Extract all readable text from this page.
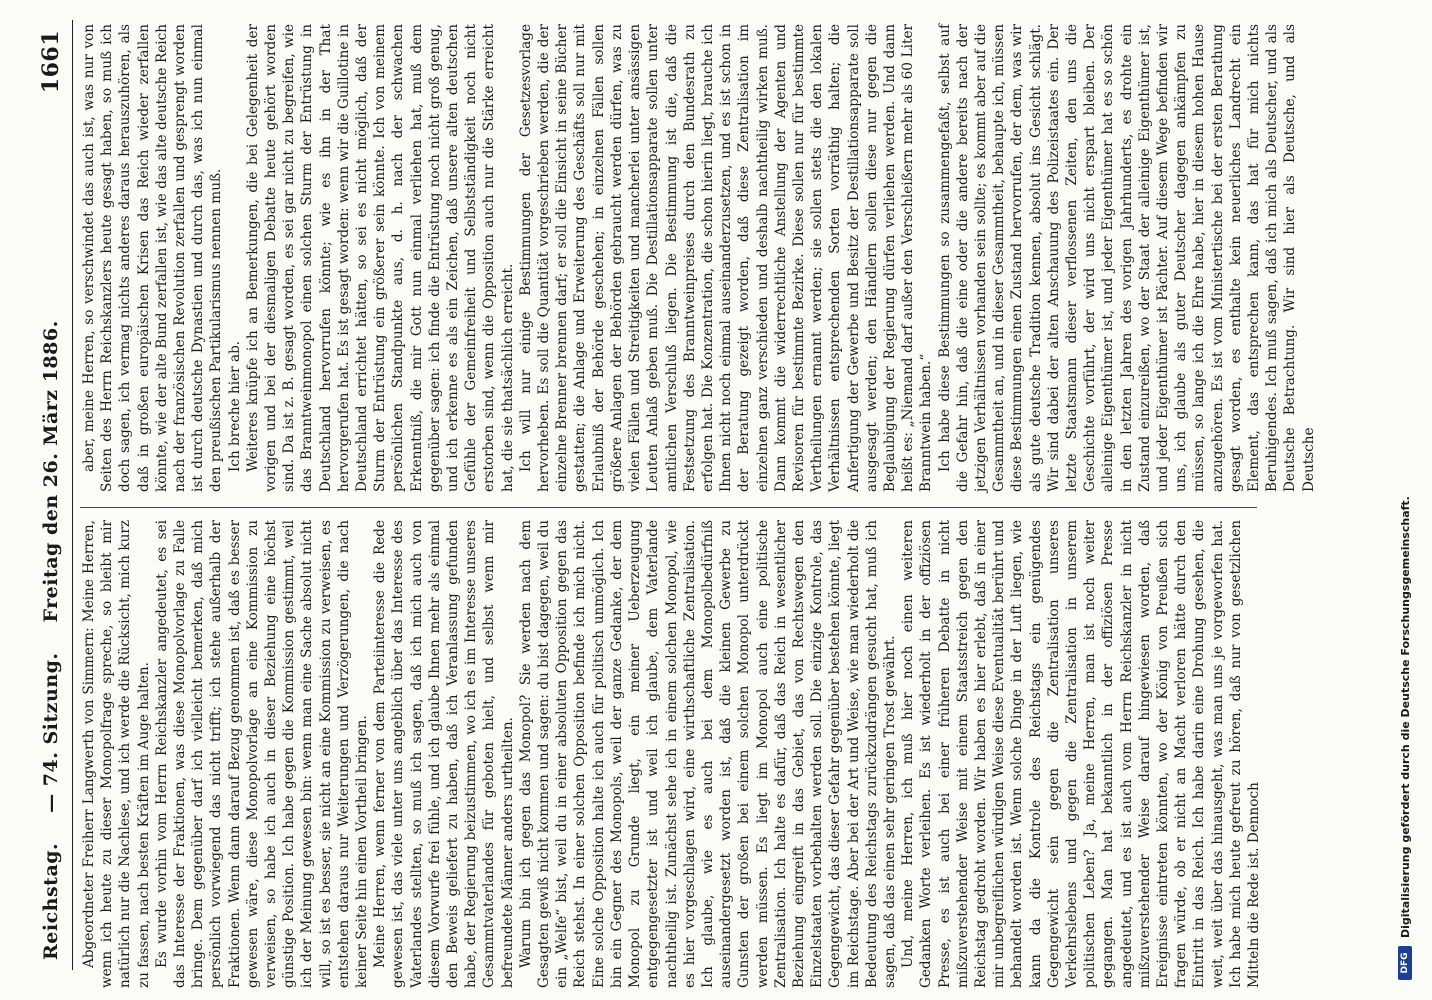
Reichstag.
— 74. Sitzung.
Freitag den 26. März 1886.
1661

Abgeordneter Freiherr Langwerth von Simmern: Meine Herren, wenn ich heute zu dieser Monopolfrage spreche, so bleibt mir natürlich nur die Nachlese, und ich werde die Rücksicht, mich kurz zu fassen, nach besten Kräften im Auge halten. Es wurde vorhin vom Herrn Reichskanzler angedeutet, es sei das Interesse der Fraktionen, was diese Monopolvorlage zu Falle bringe. Dem gegenüber darf ich vielleicht bemerken, daß mich persönlich vorwiegend das nicht trifft; ich stehe außerhalb der Fraktionen. Wenn dann darauf Bezug genommen ist, daß es besser gewesen wäre, diese Monopolvorlage an eine Kommission zu verweisen, so habe ich auch in dieser Beziehung eine höchst günstige Position. Ich habe gegen die Kommission gestimmt, weil ich der Meinung gewesen bin: wenn man eine Sache absolut nicht will, so ist es besser, sie nicht an eine Kommission zu verweisen, es entstehen daraus nur Weiterungen und Verzögerungen, die nach keiner Seite hin einen Vortheil bringen. Meine Herren, wenn ferner von dem Parteiinteresse die Rede gewesen ist, das viele unter uns angeblich über das Interesse des Vaterlandes stellten, so muß ich sagen, daß ich mich auch von diesem Vorwurfe frei fühle, und ich glaube Ihnen mehr als einmal den Beweis geliefert zu haben, daß ich Veranlassung gefunden habe, der Regierung beizustimmen, wo ich es im Interesse unseres Gesammtvaterlandes für geboten hielt, und selbst wenn mir befreundete Männer anders urtheilten. Warum bin ich gegen das Monopol? Sie werden nach dem Gesagten gewiß nicht kommen und sagen: du bist dagegen, weil du ein „Welfe“ bist, weil du in einer absoluten Opposition gegen das Reich stehst. In einer solchen Opposition befinde ich mich nicht. Eine solche Opposition halte ich auch für politisch unmöglich. Ich bin ein Gegner des Monopols, weil der ganze Gedanke, der dem Monopol zu Grunde liegt, ein meiner Ueberzeugung entgegengesetzter ist und weil ich glaube, dem Vaterlande nachtheilig ist. Zunächst sehe ich in einem solchen Monopol, wie es hier vorgeschlagen wird, eine wirthschaftliche Zentralisation. Ich glaube, wie es auch bei dem Monopolbedürfniß auseinandergesetzt worden ist, daß die kleinen Gewerbe zu Gunsten der großen bei einem solchen Monopol unterdrückt werden müssen. Es liegt im Monopol auch eine politische Zentralisation. Ich halte es dafür, daß das Reich in wesentlicher Beziehung eingreift in das Gebiet, das von Rechtswegen den Einzelstaaten vorbehalten werden soll. Die einzige Kontrole, das Gegengewicht, das dieser Gefahr gegenüber bestehen könnte, liegt im Reichstage. Aber bei der Art und Weise, wie man wiederholt die Bedeutung des Reichstags zurückzudrängen gesucht hat, muß ich sagen, daß das einen sehr geringen Trost gewährt. Und, meine Herren, ich muß hier noch einen weiteren Gedanken Worte verleihen. Es ist wiederholt in der offiziösen Presse, es ist auch bei einer früheren Debatte in nicht mißzuverstehender Weise mit einem Staatsstreich gegen den Reichstag gedroht worden. Wir haben es hier erlebt, daß in einer mir unbegreiflichen würdigen Weise diese Eventualität berührt und behandelt worden ist. Wenn solche Dinge in der Luft liegen, wie kann da die Kontrole des Reichstags ein genügendes Gegengewicht sein gegen die Zentralisation unseres Verkehrslebens und gegen die Zentralisation in unserem politischen Leben? Ja, meine Herren, man ist noch weiter gegangen. Man hat bekanntlich in der offiziösen Presse angedeutet, und es ist auch vom Herrn Reichskanzler in nicht mißzuverstehender Weise darauf hingewiesen worden, daß Ereignisse eintreten könnten, wo der König von Preußen sich fragen würde, ob er nicht an Macht verloren hätte durch den Eintritt in das Reich. Ich habe darin eine Drohung gesehen, die weit, weit über das hinausgeht, was man uns je vorgeworfen hat. Ich habe mich heute gefreut zu hören, daß nur von gesetzlichen Mitteln die Rede ist. Dennoch

aber, meine Herren, so verschwindet das auch ist, was nur von Seiten des Herrn Reichskanzlers heute gesagt haben, so muß ich doch sagen, ich vermag nichts anderes daraus herauszuhören, als daß in großen europäischen Krisen das Reich wieder zerfallen könnte, wie der alte Bund zerfallen ist, wie das alte deutsche Reich nach der französischen Revolution zerfallen und gesprengt worden ist durch deutsche Dynastien und durch das, was ich nun einmal den preußischen Partikularismus nennen muß. Ich breche hier ab. Weiteres knüpfe ich an Bemerkungen, die bei Gelegenheit der vorigen und bei der diesmaligen Debatte heute gehört worden sind. Da ist z. B. gesagt worden, es sei gar nicht zu begreifen, wie das Branntweinmonopol einen solchen Sturm der Entrüstung in Deutschland hervorrufen könnte; wie es ihn in der That hervorgerufen hat. Es ist gesagt worden: wenn wir die Guillotine in Deutschland errichtet hätten, so sei es nicht möglich, daß der Sturm der Entrüstung ein größerer sein könnte. Ich von meinem persönlichen Standpunkte aus, d. h. nach der schwachen Erkenntniß, die mir Gott nun einmal verliehen hat, muß dem gegenüber sagen: ich finde die Entrüstung noch nicht groß genug, und ich erkenne es als ein Zeichen, daß unsere alten deutschen Gefühle der Gemeinfreiheit und Selbstständigkeit noch nicht erstorben sind, wenn die Opposition auch nur die Stärke erreicht hat, die sie thatsächlich erreicht. Ich will nur einige Bestimmungen der Gesetzesvorlage hervorheben. Es soll die Quantität vorgeschrieben werden, die der einzelne Brenner brennen darf; er soll die Einsicht in seine Bücher gestatten; die Anlage und Erweiterung des Geschäfts soll nur mit Erlaubniß der Behörde geschehen; in einzelnen Fällen sollen größere Anlagen der Behörden gebraucht werden dürfen, was zu vielen Fällen und Streitigkeiten und mancherlei unter ansässigen Leuten Anlaß geben muß. Die Destillationsapparate sollen unter amtlichen Verschluß liegen. Die Bestimmung ist die, daß die Festsetzung des Branntweinpreises durch den Bundesrath zu erfolgen hat. Die Konzentration, die schon hierin liegt, brauche ich Ihnen nicht noch einmal auseinanderzusetzen, und es ist schon in der Beratung gezeigt worden, daß diese Zentralisation im einzelnen ganz verschieden und deshalb nachtheilig wirken muß. Dann kommt die widerrechtliche Anstellung der Agenten und Revisoren für bestimmte Bezirke. Diese sollen nur für bestimmte Vertheilungen ernannt werden; sie sollen stets die den lokalen Verhältnissen entsprechenden Sorten vorräthig halten; die Anfertigung der Gewerbe und Besitz der Destillationsapparate soll ausgesagt werden; den Händlern sollen diese nur gegen die Beglaubigung der Regierung dürfen verliehen werden. Und dann heißt es: „Niemand darf außer den Verschleißern mehr als 60 Liter Branntwein haben.“ Ich habe diese Bestimmungen so zusammengefaßt, selbst auf die Gefahr hin, daß die eine oder die andere bereits nach der jetzigen Verhältnissen vorhanden sein sollte; es kommt aber auf die Gesammtheit an, und in dieser Gesammtheit, behaupte ich, müssen diese Bestimmungen einen Zustand hervorrufen, der dem, was wir als gute deutsche Tradition kennen, absolut ins Gesicht schlägt. Wir sind dabei der alten Anschauung des Polizeistaates ein. Der letzte Staatsmann dieser verflossenen Zeiten, den uns die Geschichte vorführt, der wird uns nicht erspart bleiben. Der alleinige Eigenthümer ist, und jeder Eigenthümer hat es so schön in den letzten Jahren des vorigen Jahrhunderts, es drohte ein Zustand einzureißen, wo der Staat der alleinige Eigenthümer ist, und jeder Eigenthümer ist Pächter. Auf diesem Wege befinden wir uns, ich glaube als guter Deutscher dagegen ankämpfen zu müssen, so lange ich die Ehre habe, hier in diesem hohen Hause anzugehören. Es ist vom Ministertische bei der ersten Berathung gesagt worden, es enthalte kein neuerliches Landrecht ein Element, das entsprechen kann, das hat für mich nichts Beruhigendes. Ich muß sagen, daß ich mich als Deutscher, und als Deutsche Betrachtung. Wir sind hier als Deutsche, und als Deutsche

DFG
Digitalisierung gefördert durch die Deutsche Forschungsgemeinschaft.
